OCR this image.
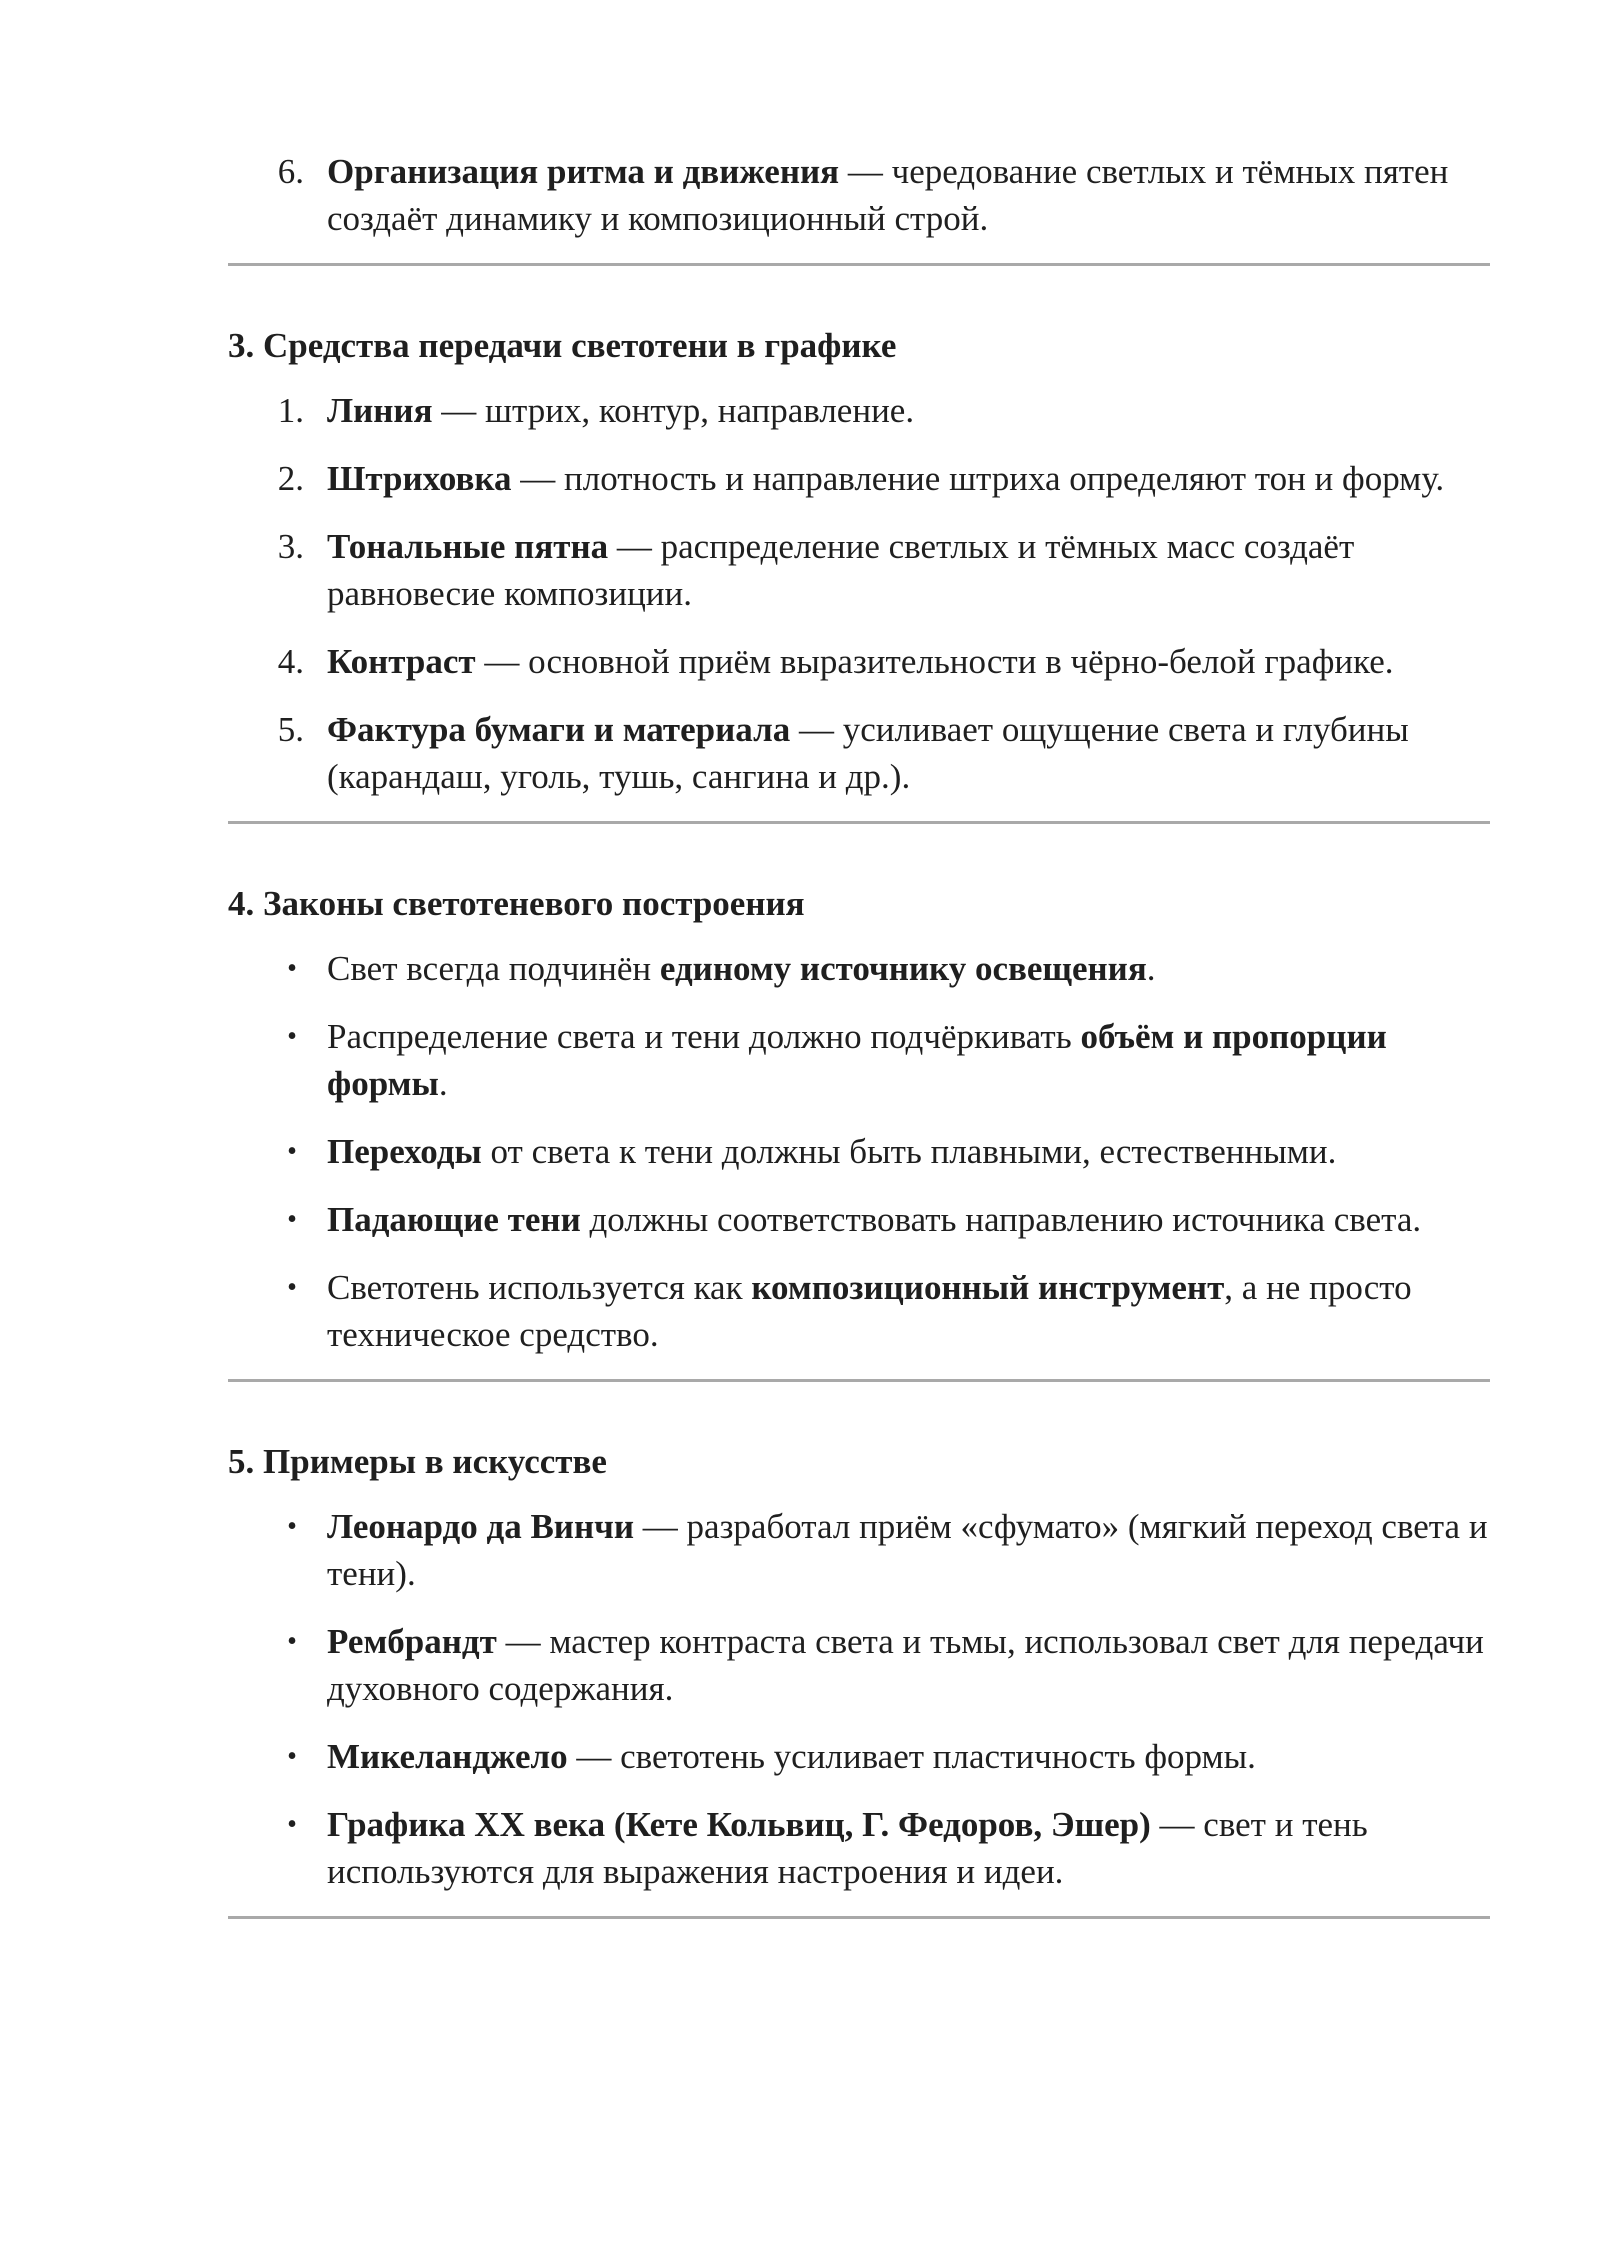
6. Организация ритма и движения — чередование светлых и тёмных пятен создаёт динамику и композиционный строй.
3. Средства передачи светотени в графике
1. Линия — штрих, контур, направление.
2. Штриховка — плотность и направление штриха определяют тон и форму.
3. Тональные пятна — распределение светлых и тёмных масс создаёт равновесие композиции.
4. Контраст — основной приём выразительности в чёрно-белой графике.
5. Фактура бумаги и материала — усиливает ощущение света и глубины (карандаш, уголь, тушь, сангина и др.).
4. Законы светотеневого построения
• Свет всегда подчинён единому источнику освещения.
• Распределение света и тени должно подчёркивать объём и пропорции формы.
• Переходы от света к тени должны быть плавными, естественными.
• Падающие тени должны соответствовать направлению источника света.
• Светотень используется как композиционный инструмент, а не просто техническое средство.
5. Примеры в искусстве
• Леонардо да Винчи — разработал приём «сфумато» (мягкий переход света и тени).
• Рембрандт — мастер контраста света и тьмы, использовал свет для передачи духовного содержания.
• Микеланджело — светотень усиливает пластичность формы.
• Графика XX века (Кете Кольвиц, Г. Федоров, Эшер) — свет и тень используются для выражения настроения и идеи.
